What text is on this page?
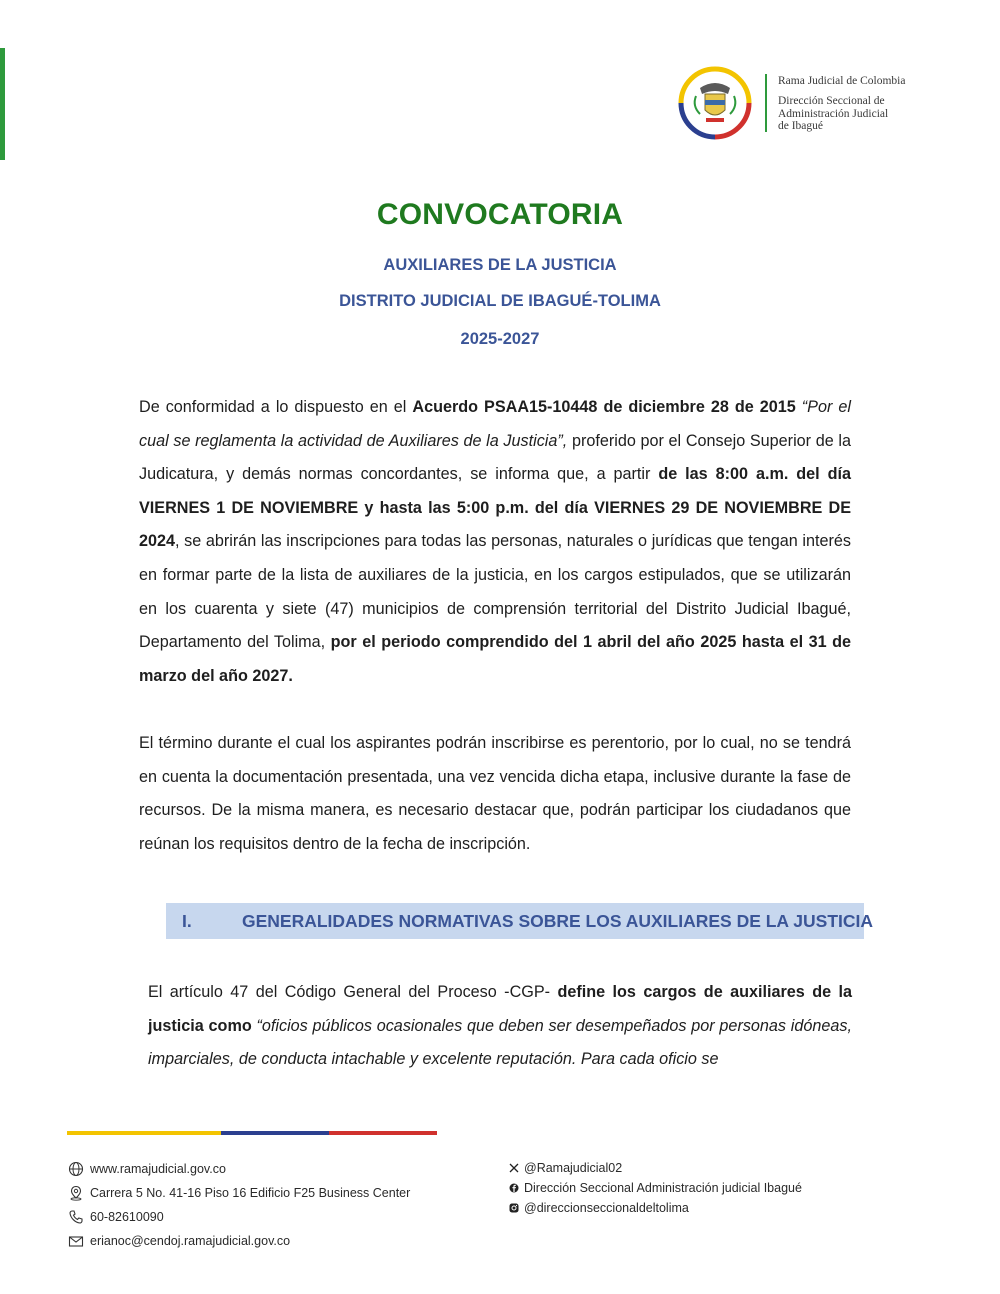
Rama Judicial de Colombia
Dirección Seccional de
Administración Judicial
de Ibagué
CONVOCATORIA
AUXILIARES DE LA JUSTICIA
DISTRITO JUDICIAL DE IBAGUÉ-TOLIMA
2025-2027
De conformidad a lo dispuesto en el Acuerdo PSAA15-10448 de diciembre 28 de 2015 “Por el cual se reglamenta la actividad de Auxiliares de la Justicia”, proferido por el Consejo Superior de la Judicatura, y demás normas concordantes, se informa que, a partir de las 8:00 a.m. del día VIERNES 1 DE NOVIEMBRE y hasta las 5:00 p.m. del día VIERNES 29 DE NOVIEMBRE DE 2024, se abrirán las inscripciones para todas las personas, naturales o jurídicas que tengan interés en formar parte de la lista de auxiliares de la justicia, en los cargos estipulados, que se utilizarán en los cuarenta y siete (47) municipios de comprensión territorial del Distrito Judicial Ibagué, Departamento del Tolima, por el periodo comprendido del 1 abril del año 2025 hasta el 31 de marzo del año 2027.
El término durante el cual los aspirantes podrán inscribirse es perentorio, por lo cual, no se tendrá en cuenta la documentación presentada, una vez vencida dicha etapa, inclusive durante la fase de recursos. De la misma manera, es necesario destacar que, podrán participar los ciudadanos que reúnan los requisitos dentro de la fecha de inscripción.
I.	GENERALIDADES NORMATIVAS SOBRE LOS AUXILIARES DE LA JUSTICIA
El artículo 47 del Código General del Proceso -CGP- define los cargos de auxiliares de la justicia como “oficios públicos ocasionales que deben ser desempeñados por personas idóneas, imparciales, de conducta intachable y excelente reputación. Para cada oficio se
www.ramajudicial.gov.co
Carrera 5 No. 41-16 Piso 16 Edificio F25 Business Center
60-82610090
erianoc@cendoj.ramajudicial.gov.co
@Ramajudicial02
Dirección Seccional Administración judicial Ibagué
@direccionseccionaldeltolima
